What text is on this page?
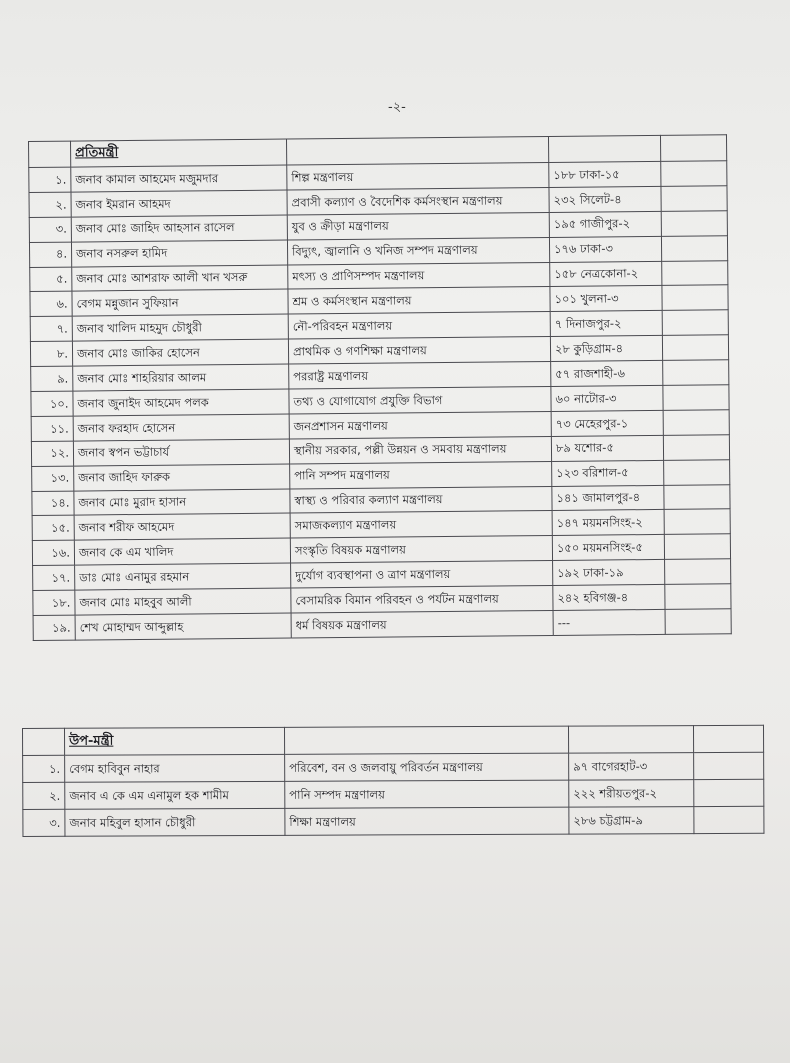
-২-
	প্রতিমন্ত্রী			
১.	জনাব কামাল আহমেদ মজুমদার	শিল্প মন্ত্রণালয়	১৮৮ ঢাকা-১৫	
২.	জনাব ইমরান আহমদ	প্রবাসী কল্যাণ ও বৈদেশিক কর্মসংস্থান মন্ত্রণালয়	২৩২ সিলেট-৪	
৩.	জনাব মোঃ জাহিদ আহসান রাসেল	যুব ও ক্রীড়া মন্ত্রণালয়	১৯৫ গাজীপুর-২	
৪.	জনাব নসরুল হামিদ	বিদ্যুৎ, জ্বালানি ও খনিজ সম্পদ মন্ত্রণালয়	১৭৬ ঢাকা-৩	
৫.	জনাব মোঃ আশরাফ আলী খান খসরু	মৎস্য ও প্রাণিসম্পদ মন্ত্রণালয়	১৫৮ নেত্রকোনা-২	
৬.	বেগম মন্নুজান সুফিয়ান	শ্রম ও কর্মসংস্থান মন্ত্রণালয়	১০১ খুলনা-৩	
৭.	জনাব খালিদ মাহমুদ চৌধুরী	নৌ-পরিবহন মন্ত্রণালয়	৭ দিনাজপুর-২	
৮.	জনাব মোঃ জাকির হোসেন	প্রাথমিক ও গণশিক্ষা মন্ত্রণালয়	২৮ কুড়িগ্রাম-৪	
৯.	জনাব মোঃ শাহরিয়ার আলম	পররাষ্ট্র মন্ত্রণালয়	৫৭ রাজশাহী-৬	
১০.	জনাব জুনাইদ আহমেদ পলক	তথ্য ও যোগাযোগ প্রযুক্তি বিভাগ	৬০ নাটোর-৩	
১১.	জনাব ফরহাদ হোসেন	জনপ্রশাসন মন্ত্রণালয়	৭৩ মেহেরপুর-১	
১২.	জনাব স্বপন ভট্টাচার্য	স্থানীয় সরকার, পল্লী উন্নয়ন ও সমবায় মন্ত্রণালয়	৮৯ যশোর-৫	
১৩.	জনাব জাহিদ ফারুক	পানি সম্পদ মন্ত্রণালয়	১২৩ বরিশাল-৫	
১৪.	জনাব মোঃ মুরাদ হাসান	স্বাস্থ্য ও পরিবার কল্যাণ মন্ত্রণালয়	১৪১ জামালপুর-৪	
১৫.	জনাব শরীফ আহমেদ	সমাজকল্যাণ মন্ত্রণালয়	১৪৭ ময়মনসিংহ-২	
১৬.	জনাব কে এম খালিদ	সংস্কৃতি বিষয়ক মন্ত্রণালয়	১৫০ ময়মনসিংহ-৫	
১৭.	ডাঃ মোঃ এনামুর রহমান	দুর্যোগ ব্যবস্থাপনা ও ত্রাণ মন্ত্রণালয়	১৯২ ঢাকা-১৯	
১৮.	জনাব মোঃ মাহবুব আলী	বেসামরিক বিমান পরিবহন ও পর্যটন মন্ত্রণালয়	২৪২ হবিগঞ্জ-৪	
১৯.	শেখ মোহাম্মদ আব্দুল্লাহ	ধর্ম বিষয়ক মন্ত্রণালয়	---	
	উপ-মন্ত্রী			
১.	বেগম হাবিবুন নাহার	পরিবেশ, বন ও জলবায়ু পরিবর্তন মন্ত্রণালয়	৯৭ বাগেরহাট-৩	
২.	জনাব এ কে এম এনামুল হক শামীম	পানি সম্পদ মন্ত্রণালয়	২২২ শরীয়তপুর-২	
৩.	জনাব মহিবুল হাসান চৌধুরী	শিক্ষা মন্ত্রণালয়	২৮৬ চট্টগ্রাম-৯	
